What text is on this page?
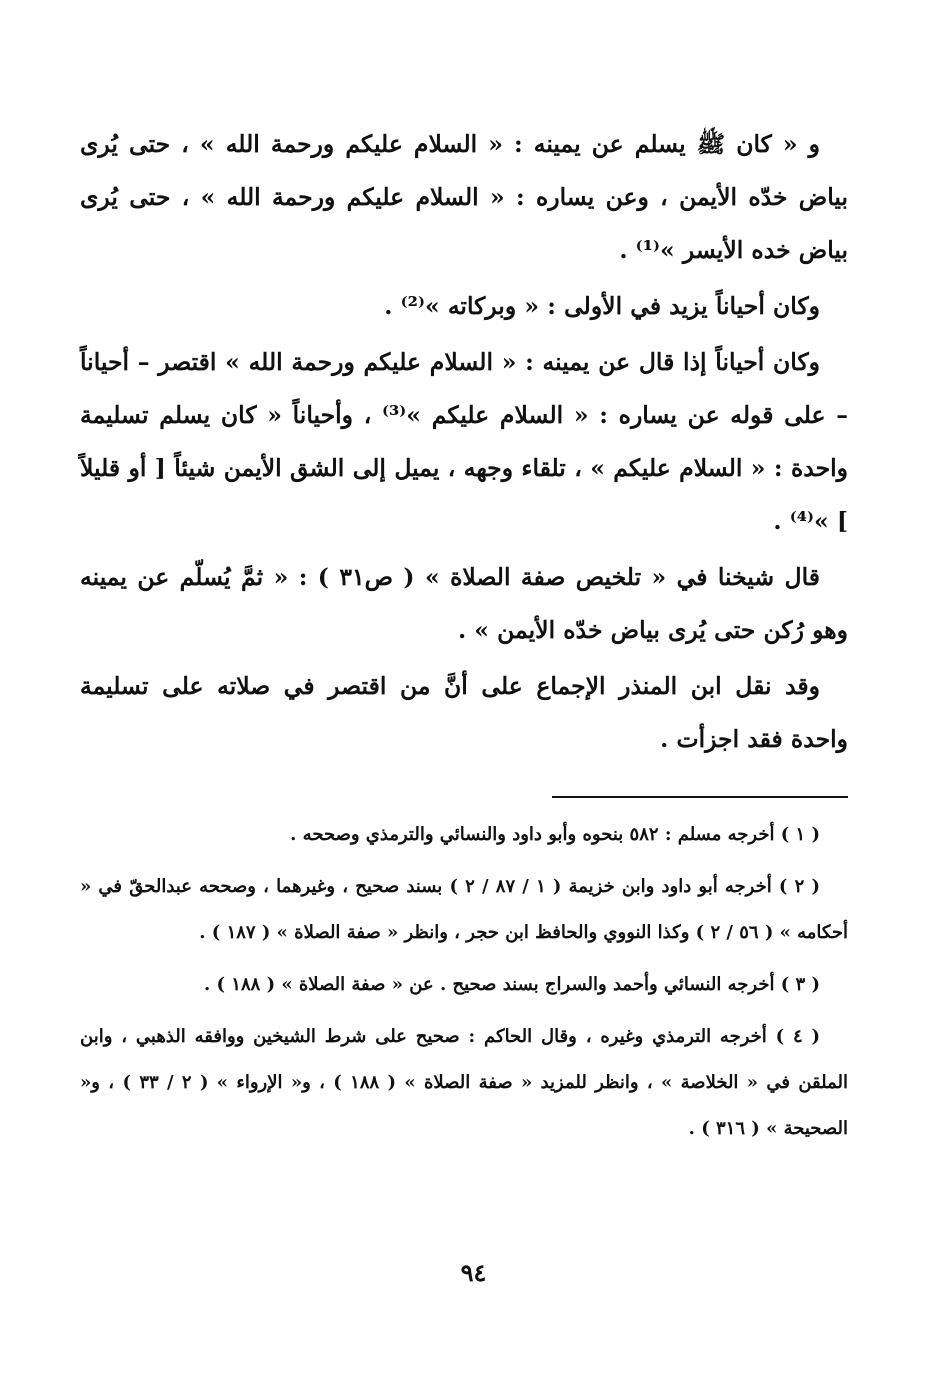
و « كان ﷺ يسلم عن يمينه : « السلام عليكم ورحمة الله » ، حتى يُرى بياض خدّه الأيمن ، وعن يساره : « السلام عليكم ورحمة الله » ، حتى يُرى بياض خده الأيسر »⁽¹⁾ .

وكان أحياناً يزيد في الأولى : « وبركاته »⁽²⁾ .

وكان أحياناً إذا قال عن يمينه : « السلام عليكم ورحمة الله » اقتصر – أحياناً – على قوله عن يساره : « السلام عليكم »⁽³⁾ ، وأحياناً « كان يسلم تسليمة واحدة : « السلام عليكم » ، تلقاء وجهه ، يميل إلى الشق الأيمن شيئاً [ أو قليلاً ] »⁽⁴⁾ .

قال شيخنا في « تلخيص صفة الصلاة » ( ص٣١ ) : « ثمَّ يُسلّم عن يمينه وهو رُكن حتى يُرى بياض خدّه الأيمن » .

وقد نقل ابن المنذر الإجماع على أنَّ من اقتصر في صلاته على تسليمة واحدة فقد اجزأت .

( ١ ) أخرجه مسلم : ٥٨٢ بنحوه وأبو داود والنسائي والترمذي وصححه .

( ٢ ) أخرجه أبو داود وابن خزيمة ( ١ / ٨٧ / ٢ ) بسند صحيح ، وغيرهما ، وصححه عبدالحقّ في « أحكامه » ( ٥٦ / ٢ ) وكذا النووي والحافظ ابن حجر ، وانظر « صفة الصلاة » ( ١٨٧ ) .

( ٣ ) أخرجه النسائي وأحمد والسراج بسند صحيح . عن « صفة الصلاة » ( ١٨٨ ) .

( ٤ ) أخرجه الترمذي وغيره ، وقال الحاكم : صحيح على شرط الشيخين ووافقه الذهبي ، وابن الملقن في « الخلاصة » ، وانظر للمزيد « صفة الصلاة » ( ١٨٨ ) ، و« الإرواء » ( ٢ / ٣٣ ) ، و« الصحيحة » ( ٣١٦ ) .

٩٤
